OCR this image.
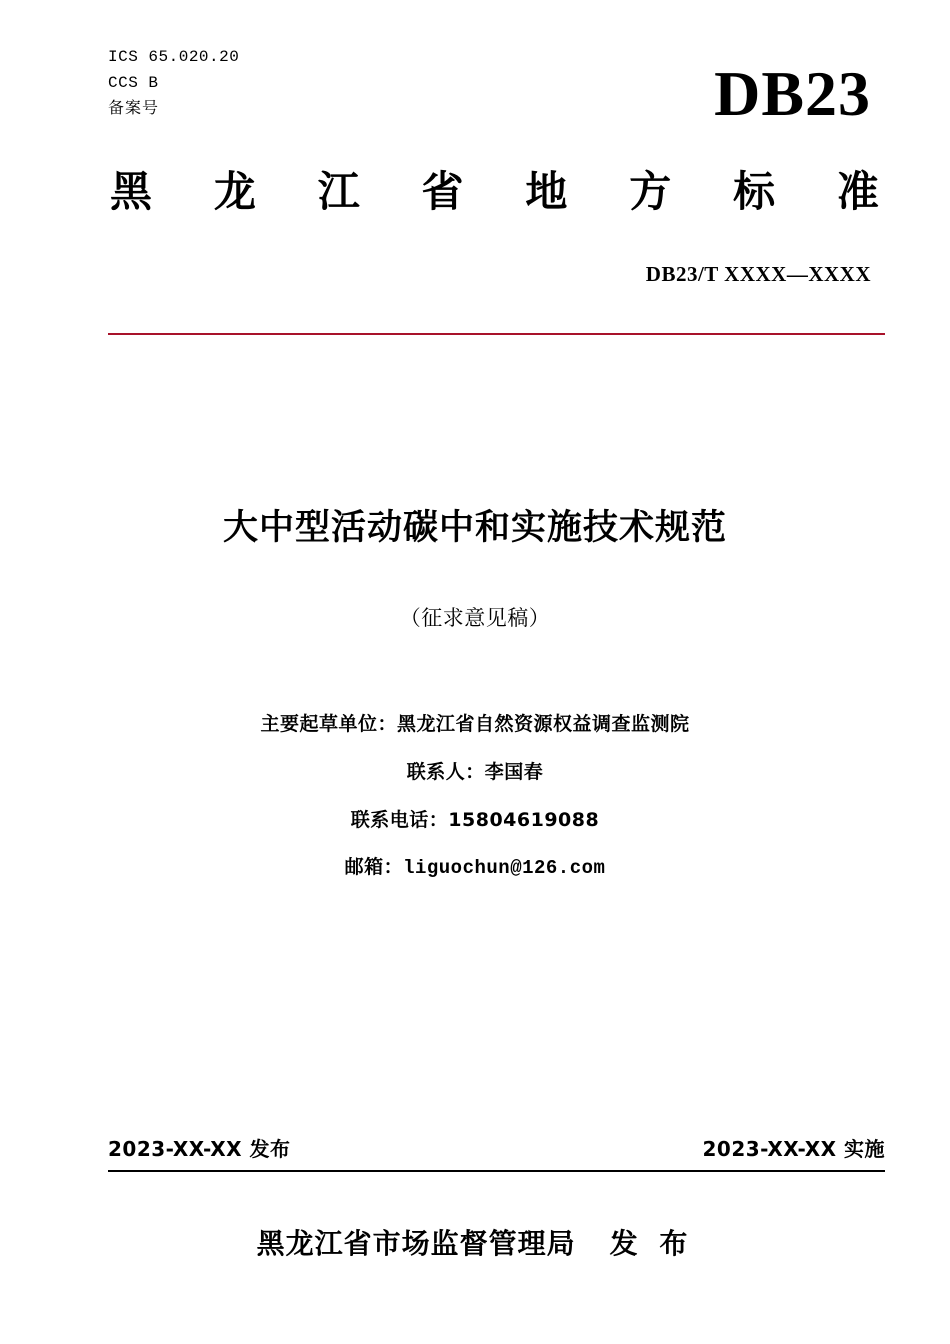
ICS 65.020.20
CCS B
备案号	DB23
黑 龙 江 省 地 方 标 准
DB23/T XXXX—XXXX
大中型活动碳中和实施技术规范
（征求意见稿）
主要起草单位：黑龙江省自然资源权益调查监测院
联系人：李国春
联系电话：15804619088
邮箱：liguochun@126.com
2023-XX-XX 发布	2023-XX-XX 实施
黑龙江省市场监督管理局 发 布
